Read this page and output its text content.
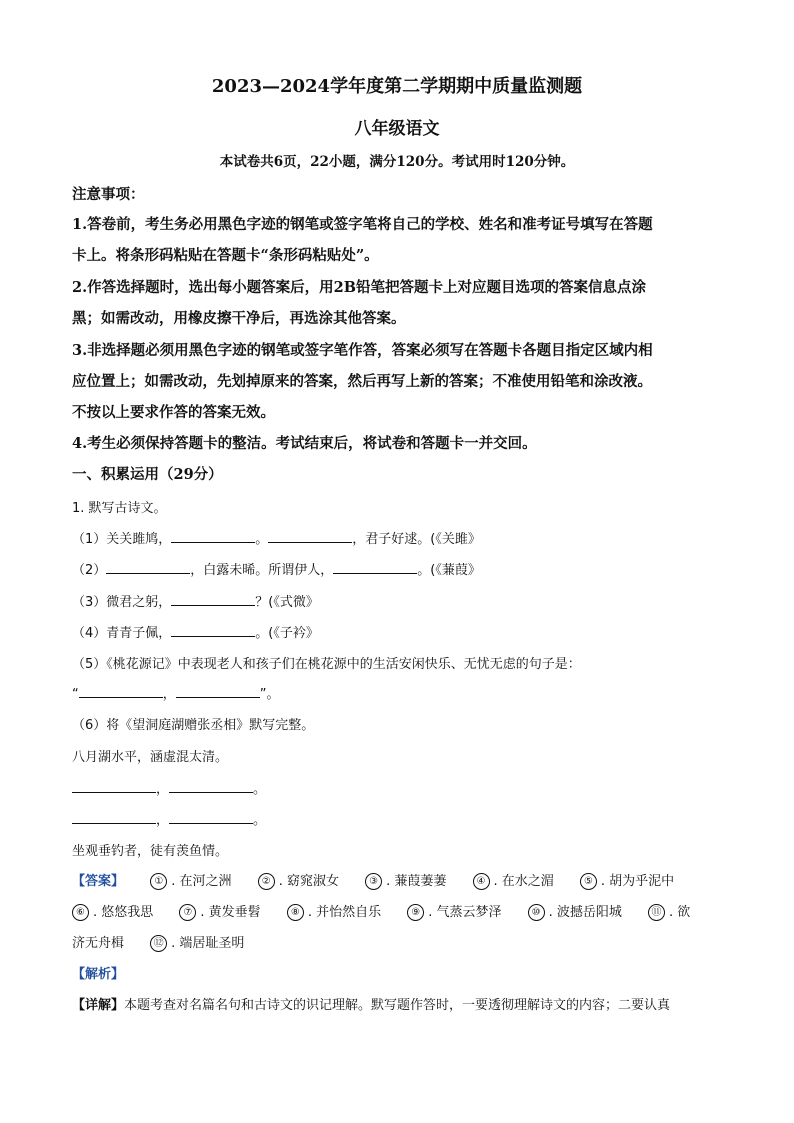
2023—2024学年度第二学期期中质量监测题
八年级语文
本试卷共6页，22小题，满分120分。考试用时120分钟。
注意事项：
1.答卷前，考生务必用黑色字迹的钢笔或签字笔将自己的学校、姓名和准考证号填写在答题
卡上。将条形码粘贴在答题卡“条形码粘贴处”。
2.作答选择题时，选出每小题答案后，用2B铅笔把答题卡上对应题目选项的答案信息点涂
黑；如需改动，用橡皮擦干净后，再选涂其他答案。
3.非选择题必须用黑色字迹的钢笔或签字笔作答，答案必须写在答题卡各题目指定区域内相
应位置上；如需改动，先划掉原来的答案，然后再写上新的答案；不准使用铅笔和涂改液。
不按以上要求作答的答案无效。
4.考生必须保持答题卡的整洁。考试结束后，将试卷和答题卡一并交回。
一、积累运用（29分）
1. 默写古诗文。
（1）关关雎鸠，	。	，君子好逑。(《关雎》
（2）	，白露未晞。所谓伊人，	。(《蒹葭》
（3）微君之躬，	？(《式微》
（4）青青子佩，	。(《子衿》
（5）《桃花源记》中表现老人和孩子们在桃花源中的生活安闲快乐、无忧无虑的句子是：
“	，	”。
（6）将《望洞庭湖赠张丞相》默写完整。
八月湖水平，涵虚混太清。
，	。
，	。
坐观垂钓者，徒有羡鱼情。
【答案】	① . 在河之洲	② . 窈窕淑女	③ . 蒹葭萋萋	④ . 在水之湄	⑤ . 胡为乎泥中
⑥ . 悠悠我思	⑦ . 黄发垂髫	⑧ . 并怡然自乐	⑨ . 气蒸云梦泽	⑩ . 波撼岳阳城	⑪ . 欲
济无舟楫	⑫ . 端居耻圣明
【解析】
【详解】本题考查对名篇名句和古诗文的识记理解。默写题作答时，一要透彻理解诗文的内容；二要认真
